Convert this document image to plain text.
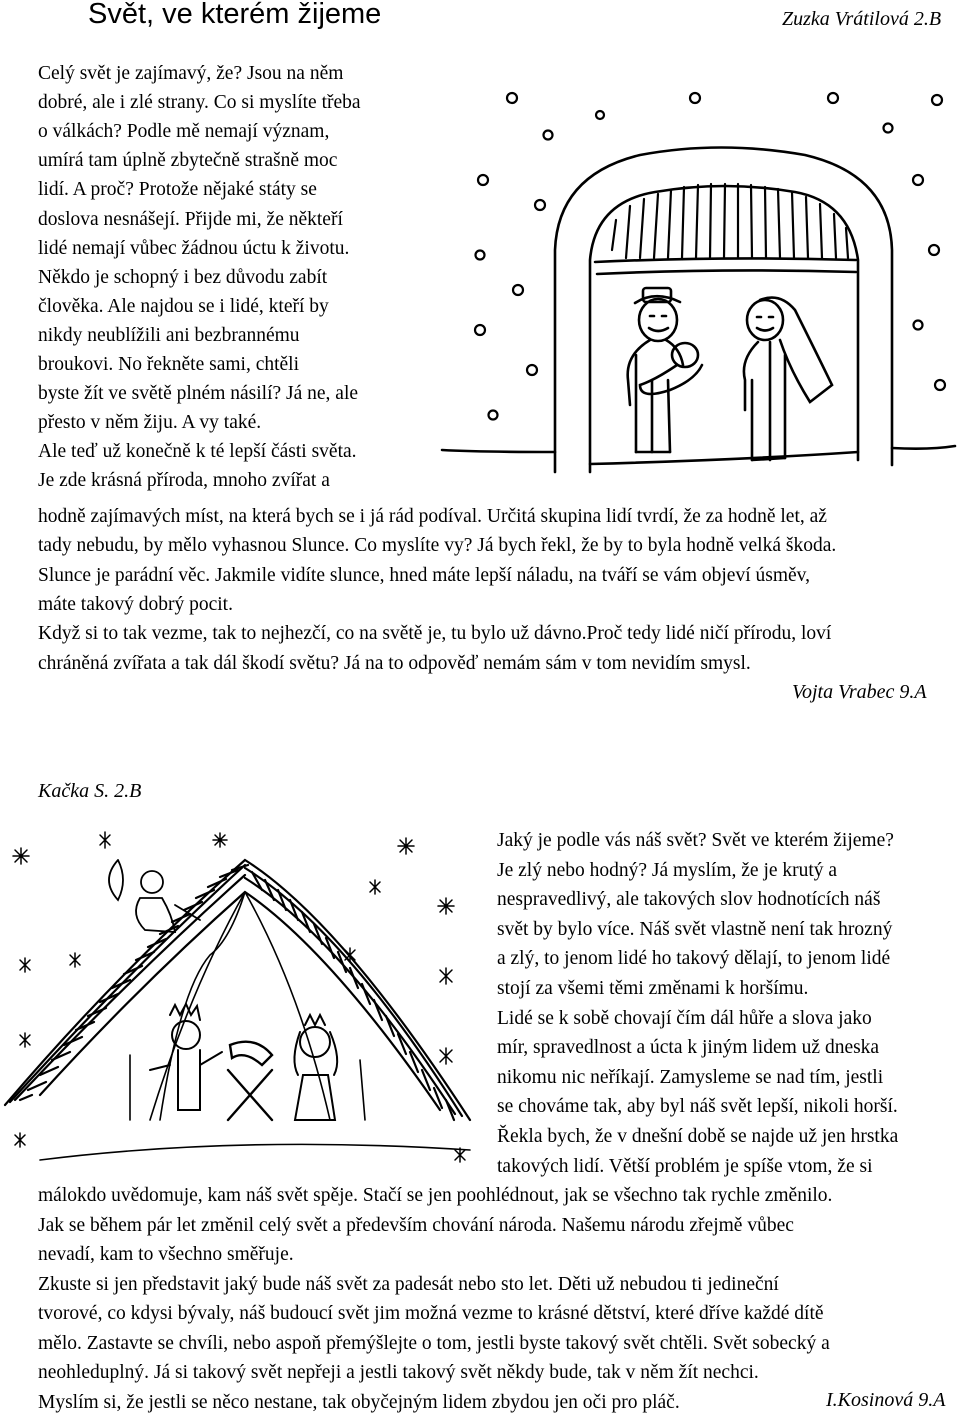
Svět, ve kterém žijeme	Zuzka Vrátilová 2.B
Celý svět je zajímavý, že? Jsou na něm
dobré, ale i zlé strany. Co si myslíte třeba
o válkách? Podle mě nemají význam,
umírá tam úplně zbytečně strašně moc
lidí. A proč? Protože nějaké státy se
doslova nesnášejí. Přijde mi, že někteří
lidé nemají vůbec žádnou úctu k životu.
Někdo je schopný i bez důvodu zabít
člověka. Ale najdou se i lidé, kteří by
nikdy neublížili ani bezbrannému
broukovi. No řekněte sami, chtěli
byste žít ve světě plném násilí? Já ne, ale
přesto v něm žiju. A vy také.
Ale teď už konečně k té lepší části světa.
Je zde krásná příroda, mnoho zvířat a
hodně zajímavých míst, na která bych se i já rád podíval. Určitá skupina lidí tvrdí, že za hodně let, až
tady nebudu, by mělo vyhasnou Slunce. Co myslíte vy? Já bych řekl, že by to byla hodně velká škoda.
Slunce je parádní věc. Jakmile vidíte slunce, hned máte lepší náladu, na tváří se vám objeví úsměv,
máte takový dobrý pocit.
Když si to tak vezme, tak to nejhezčí, co na světě je, tu bylo už dávno.Proč tedy lidé ničí přírodu, loví
chráněná zvířata a tak dál škodí světu? Já na to odpověď nemám sám v tom nevidím smysl.
Vojta Vrabec 9.A
Kačka S. 2.B
Jaký je podle vás náš svět? Svět ve kterém žijeme?
Je zlý nebo hodný? Já myslím, že je krutý a
nespravedlivý, ale takových slov hodnotících náš
svět by bylo více. Náš svět vlastně není tak hrozný
a zlý, to jenom lidé ho takový dělají, to jenom lidé
stojí za všemi těmi změnami k horšímu.
Lidé se k sobě chovají čím dál hůře a slova jako
mír, spravedlnost a úcta k jiným lidem už dneska
nikomu nic neříkají. Zamysleme se nad tím, jestli
se chováme tak, aby byl náš svět lepší, nikoli horší.
Řekla bych, že v dnešní době se najde už jen hrstka
takových lidí. Větší problém je spíše vtom, že si
málokdo uvědomuje, kam náš svět spěje. Stačí se jen poohlédnout, jak se všechno tak rychle změnilo.
Jak se během pár let změnil celý svět a především chování národa. Našemu národu zřejmě vůbec
nevadí, kam to všechno směřuje.
Zkuste si jen představit jaký bude náš svět za padesát nebo sto let. Děti už nebudou ti jedineční
tvorové, co kdysi bývaly, náš budoucí svět jim možná vezme to krásné dětství, které dříve každé dítě
mělo. Zastavte se chvíli, nebo aspoň přemýšlejte o tom, jestli byste takový svět chtěli. Svět sobecký a
neohleduplný. Já si takový svět nepřeji a jestli takový svět někdy bude, tak v něm žít nechci.
Myslím si, že jestli se něco nestane, tak obyčejným lidem zbydou jen oči pro pláč.	I.Kosinová 9.A
